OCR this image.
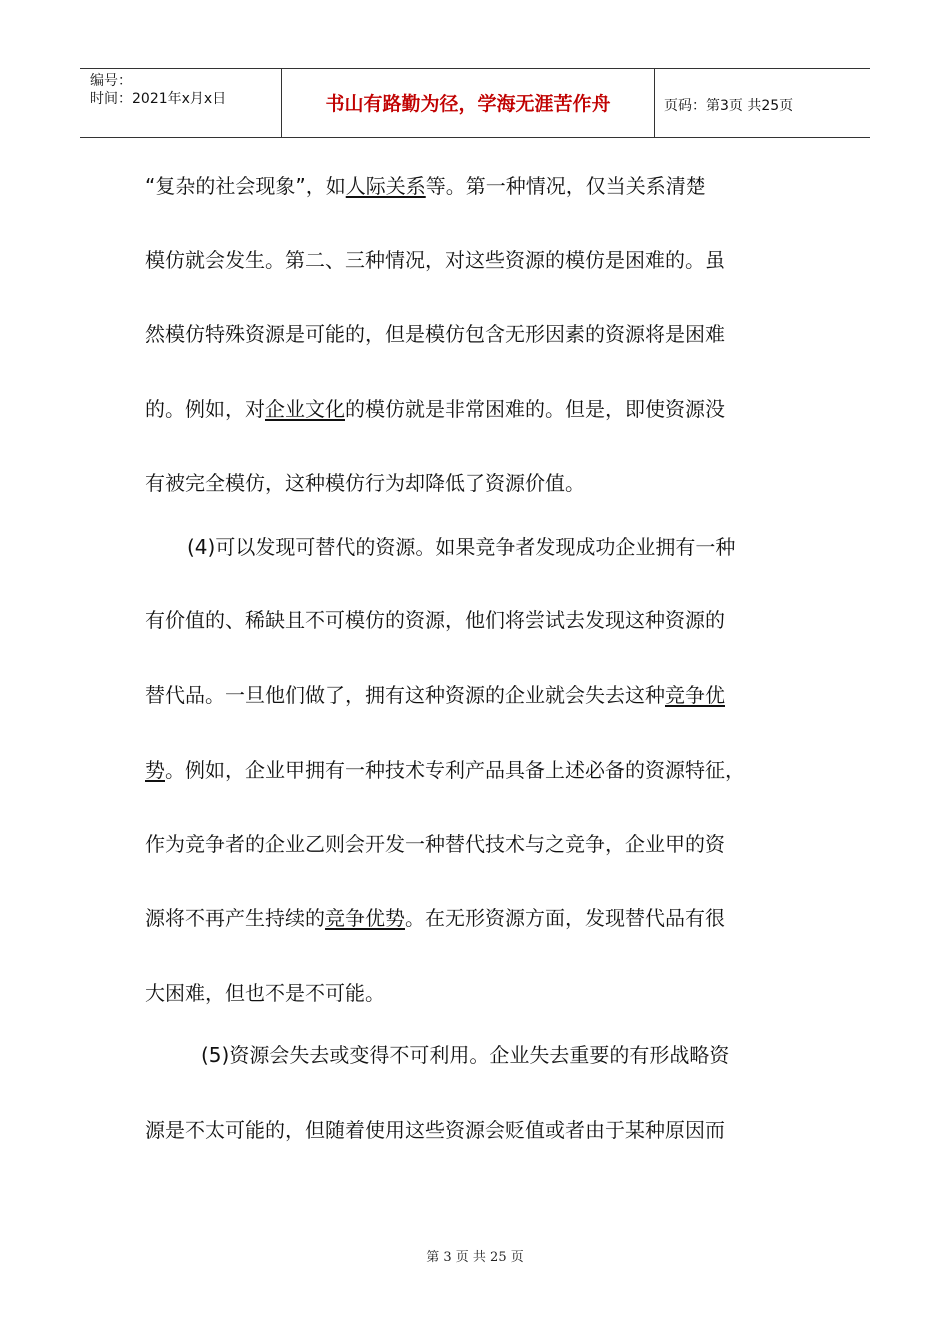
编号：
时间：2021年x月x日	书山有路勤为径，学海无涯苦作舟	页码：第3页 共25页
“复杂的社会现象”，如人际关系等。第一种情况，仅当关系清楚
模仿就会发生。第二、三种情况，对这些资源的模仿是困难的。虽
然模仿特殊资源是可能的，但是模仿包含无形因素的资源将是困难
的。例如，对企业文化的模仿就是非常困难的。但是，即使资源没
有被完全模仿，这种模仿行为却降低了资源价值。
(4)可以发现可替代的资源。如果竞争者发现成功企业拥有一种
有价值的、稀缺且不可模仿的资源，他们将尝试去发现这种资源的
替代品。一旦他们做了，拥有这种资源的企业就会失去这种竞争优
势。例如，企业甲拥有一种技术专利产品具备上述必备的资源特征，
作为竞争者的企业乙则会开发一种替代技术与之竞争，企业甲的资
源将不再产生持续的竞争优势。在无形资源方面，发现替代品有很
大困难，但也不是不可能。
(5)资源会失去或变得不可利用。企业失去重要的有形战略资
源是不太可能的，但随着使用这些资源会贬值或者由于某种原因而
第 3 页 共 25 页
